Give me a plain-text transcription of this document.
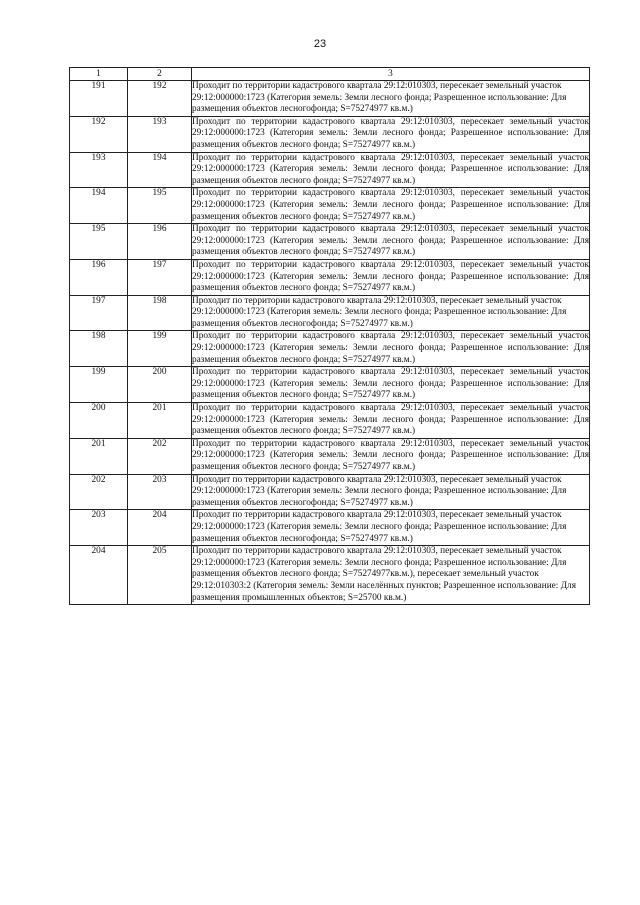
23
1	2	3
191	192	Проходит по территории кадастрового квартала 29:12:010303, пересекает земельный участок 29:12:000000:1723 (Категория земель: Земли лесного фонда; Разрешенное использование: Для размещения объектов лесногофонда; S=75274977 кв.м.)
192	193	Проходит по территории кадастрового квартала 29:12:010303, пересекает земельный участок 29:12:000000:1723 (Категория земель: Земли лесного фонда; Разрешенное использование: Для размещения объектов лесного фонда; S=75274977 кв.м.)
193	194	Проходит по территории кадастрового квартала 29:12:010303, пересекает земельный участок 29:12:000000:1723 (Категория земель: Земли лесного фонда; Разрешенное использование: Для размещения объектов лесного фонда; S=75274977 кв.м.)
194	195	Проходит по территории кадастрового квартала 29:12:010303, пересекает земельный участок 29:12:000000:1723 (Категория земель: Земли лесного фонда; Разрешенное использование: Для размещения объектов лесного фонда; S=75274977 кв.м.)
195	196	Проходит по территории кадастрового квартала 29:12:010303, пересекает земельный участок 29:12:000000:1723 (Категория земель: Земли лесного фонда; Разрешенное использование: Для размещения объектов лесного фонда; S=75274977 кв.м.)
196	197	Проходит по территории кадастрового квартала 29:12:010303, пересекает земельный участок 29:12:000000:1723 (Категория земель: Земли лесного фонда; Разрешенное использование: Для размещения объектов лесного фонда; S=75274977 кв.м.)
197	198	Проходит по территории кадастрового квартала 29:12:010303, пересекает земельный участок 29:12:000000:1723 (Категория земель: Земли лесного фонда; Разрешенное использование: Для размещения объектов лесногофонда; S=75274977 кв.м.)
198	199	Проходит по территории кадастрового квартала 29:12:010303, пересекает земельный участок 29:12:000000:1723 (Категория земель: Земли лесного фонда; Разрешенное использование: Для размещения объектов лесного фонда; S=75274977 кв.м.)
199	200	Проходит по территории кадастрового квартала 29:12:010303, пересекает земельный участок 29:12:000000:1723 (Категория земель: Земли лесного фонда; Разрешенное использование: Для размещения объектов лесного фонда; S=75274977 кв.м.)
200	201	Проходит по территории кадастрового квартала 29:12:010303, пересекает земельный участок 29:12:000000:1723 (Категория земель: Земли лесного фонда; Разрешенное использование: Для размещения объектов лесного фонда; S=75274977 кв.м.)
201	202	Проходит по территории кадастрового квартала 29:12:010303, пересекает земельный участок 29:12:000000:1723 (Категория земель: Земли лесного фонда; Разрешенное использование: Для размещения объектов лесного фонда; S=75274977 кв.м.)
202	203	Проходит по территории кадастрового квартала 29:12:010303, пересекает земельный участок 29:12:000000:1723 (Категория земель: Земли лесного фонда; Разрешенное использование: Для размещения объектов лесногофонда; S=75274977 кв.м.)
203	204	Проходит по территории кадастрового квартала 29:12:010303, пересекает земельный участок 29:12:000000:1723 (Категория земель: Земли лесного фонда; Разрешенное использование: Для размещения объектов лесногофонда; S=75274977 кв.м.)
204	205	Проходит по территории кадастрового квартала 29:12:010303, пересекает земельный участок 29:12:000000:1723 (Категория земель: Земли лесного фонда; Разрешенное использование: Для размещения объектов лесного фонда; S=75274977кв.м.), пересекает земельный участок 29:12:010303:2 (Категория земель: Земли населённых пунктов; Разрешенное использование: Для размещения промышленных объектов; S=25700 кв.м.)
